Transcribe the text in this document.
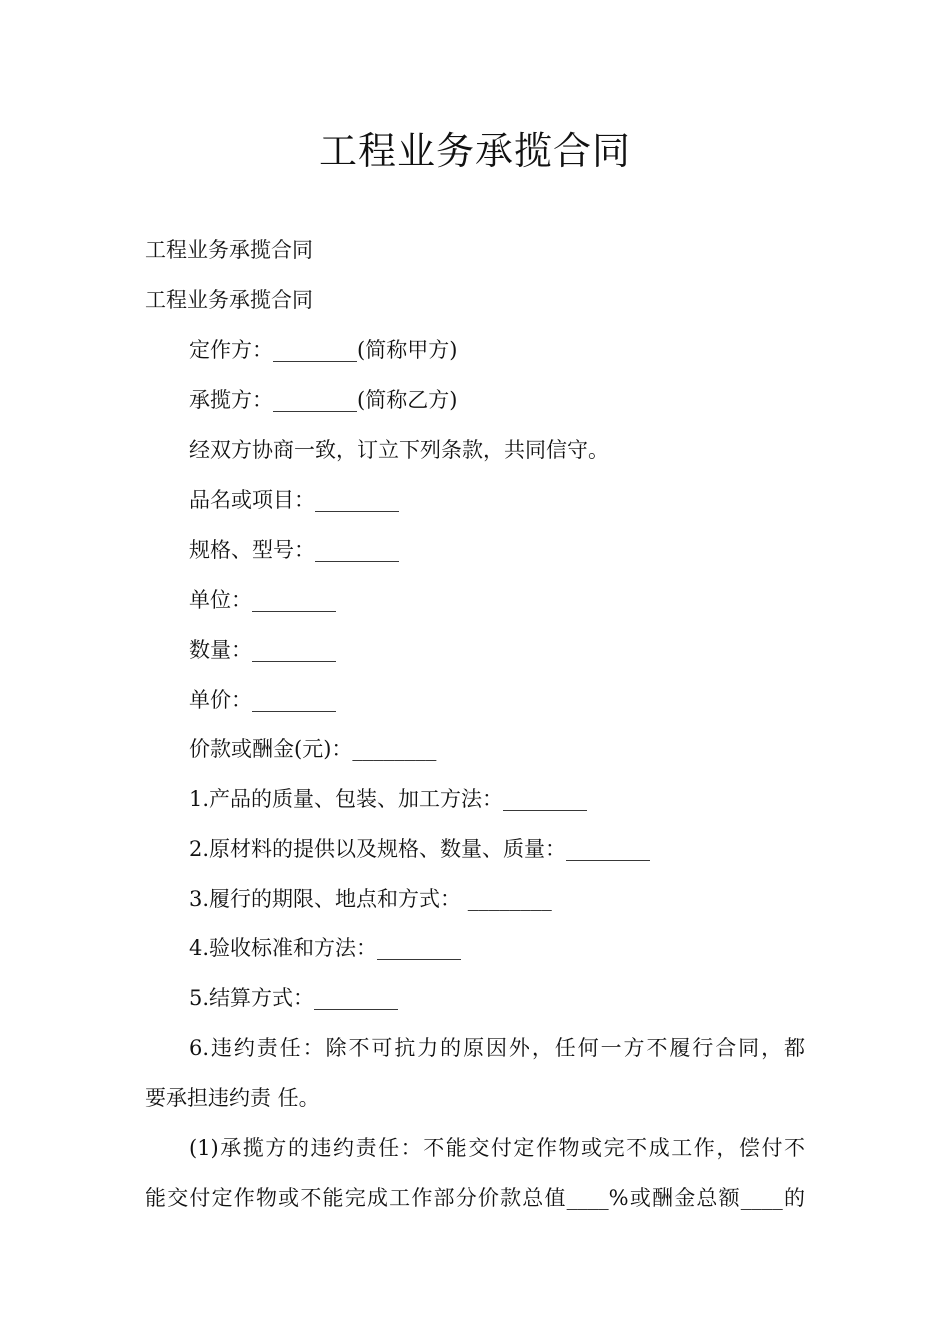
工程业务承揽合同
工程业务承揽合同
工程业务承揽合同
定作方：________(简称甲方)
承揽方：________(简称乙方)
经双方协商一致，订立下列条款，共同信守。
品名或项目：________
规格、型号：________
单位：________
数量：________
单价：________
价款或酬金(元)：________
1.产品的质量、包装、加工方法：________
2.原材料的提供以及规格、数量、质量：________
3.履行的期限、地点和方式： ________
4.验收标准和方法：________
5.结算方式：________
6.违约责任：除不可抗力的原因外，任何一方不履行合同，都
要承担违约责 任。
(1)承揽方的违约责任：不能交付定作物或完不成工作，偿付不
能交付定作物或不能完成工作部分价款总值____%或酬金总额____的
